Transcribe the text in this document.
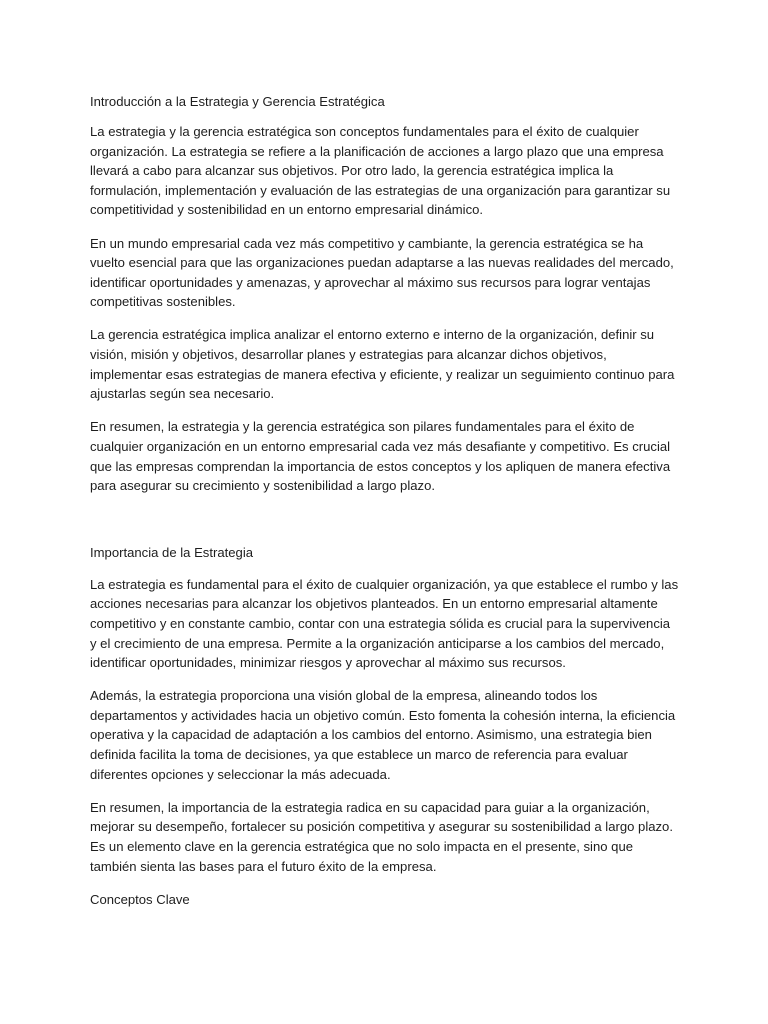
Introducción a la Estrategia y Gerencia Estratégica

La estrategia y la gerencia estratégica son conceptos fundamentales para el éxito de cualquier organización. La estrategia se refiere a la planificación de acciones a largo plazo que una empresa llevará a cabo para alcanzar sus objetivos. Por otro lado, la gerencia estratégica implica la formulación, implementación y evaluación de las estrategias de una organización para garantizar su competitividad y sostenibilidad en un entorno empresarial dinámico.

En un mundo empresarial cada vez más competitivo y cambiante, la gerencia estratégica se ha vuelto esencial para que las organizaciones puedan adaptarse a las nuevas realidades del mercado, identificar oportunidades y amenazas, y aprovechar al máximo sus recursos para lograr ventajas competitivas sostenibles.

La gerencia estratégica implica analizar el entorno externo e interno de la organización, definir su visión, misión y objetivos, desarrollar planes y estrategias para alcanzar dichos objetivos, implementar esas estrategias de manera efectiva y eficiente, y realizar un seguimiento continuo para ajustarlas según sea necesario.

En resumen, la estrategia y la gerencia estratégica son pilares fundamentales para el éxito de cualquier organización en un entorno empresarial cada vez más desafiante y competitivo. Es crucial que las empresas comprendan la importancia de estos conceptos y los apliquen de manera efectiva para asegurar su crecimiento y sostenibilidad a largo plazo.

Importancia de la Estrategia

La estrategia es fundamental para el éxito de cualquier organización, ya que establece el rumbo y las acciones necesarias para alcanzar los objetivos planteados. En un entorno empresarial altamente competitivo y en constante cambio, contar con una estrategia sólida es crucial para la supervivencia y el crecimiento de una empresa. Permite a la organización anticiparse a los cambios del mercado, identificar oportunidades, minimizar riesgos y aprovechar al máximo sus recursos.

Además, la estrategia proporciona una visión global de la empresa, alineando todos los departamentos y actividades hacia un objetivo común. Esto fomenta la cohesión interna, la eficiencia operativa y la capacidad de adaptación a los cambios del entorno. Asimismo, una estrategia bien definida facilita la toma de decisiones, ya que establece un marco de referencia para evaluar diferentes opciones y seleccionar la más adecuada.

En resumen, la importancia de la estrategia radica en su capacidad para guiar a la organización, mejorar su desempeño, fortalecer su posición competitiva y asegurar su sostenibilidad a largo plazo. Es un elemento clave en la gerencia estratégica que no solo impacta en el presente, sino que también sienta las bases para el futuro éxito de la empresa.

Conceptos Clave
